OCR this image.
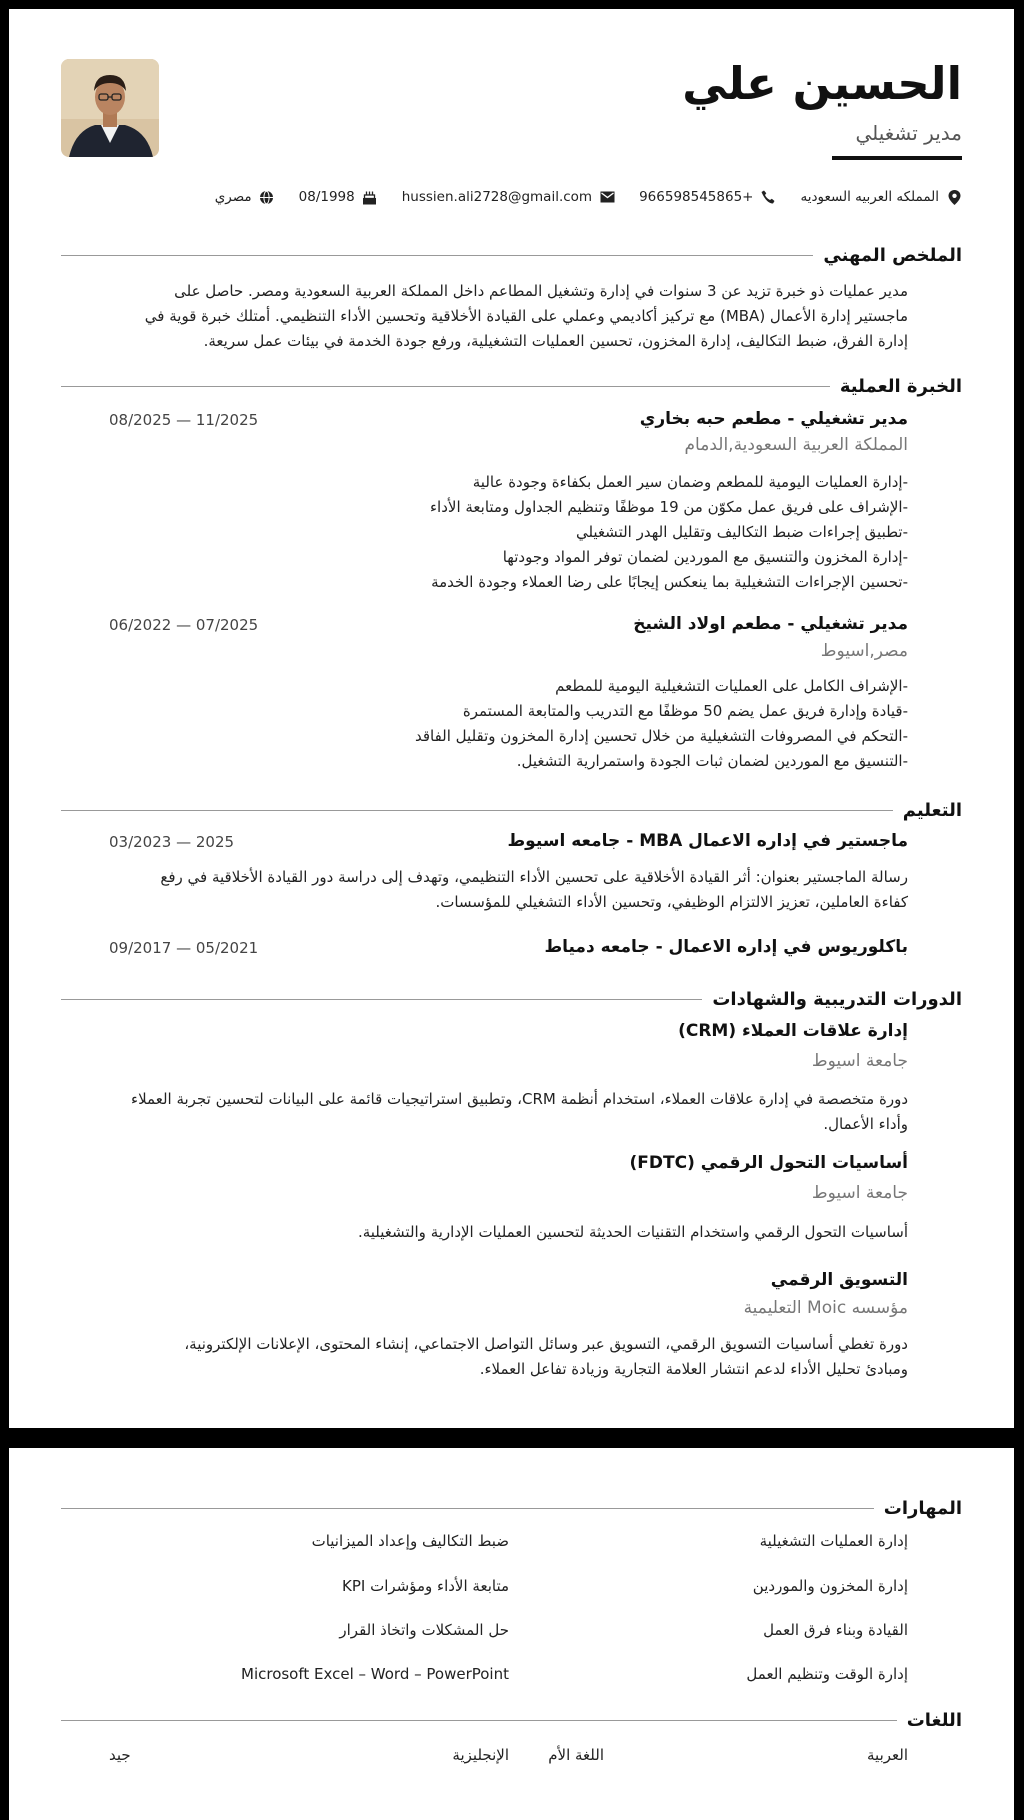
الحسين علي
مدير تشغيلي
المملكه العربيه السعوديه
966598545865+
hussien.ali2728@gmail.com
08/1998
مصري
الملخص المهني
مدير عمليات ذو خبرة تزيد عن 3 سنوات في إدارة وتشغيل المطاعم داخل المملكة العربية السعودية ومصر. حاصل على
ماجستير إدارة الأعمال (MBA) مع تركيز أكاديمي وعملي على القيادة الأخلاقية وتحسين الأداء التنظيمي. أمتلك خبرة قوية في
إدارة الفرق، ضبط التكاليف، إدارة المخزون، تحسين العمليات التشغيلية، ورفع جودة الخدمة في بيئات عمل سريعة.
الخبرة العملية
مدير تشغيلي - مطعم حبه بخاري
08/2025 — 11/2025
المملكة العربية السعودية,الدمام
-إدارة العمليات اليومية للمطعم وضمان سير العمل بكفاءة وجودة عالية
-الإشراف على فريق عمل مكوّن من 19 موظفًا وتنظيم الجداول ومتابعة الأداء
-تطبيق إجراءات ضبط التكاليف وتقليل الهدر التشغيلي
-إدارة المخزون والتنسيق مع الموردين لضمان توفر المواد وجودتها
-تحسين الإجراءات التشغيلية بما ينعكس إيجابًا على رضا العملاء وجودة الخدمة
مدير تشغيلي - مطعم اولاد الشيخ
06/2022 — 07/2025
مصر,اسيوط
-الإشراف الكامل على العمليات التشغيلية اليومية للمطعم
-قيادة وإدارة فريق عمل يضم 50 موظفًا مع التدريب والمتابعة المستمرة
-التحكم في المصروفات التشغيلية من خلال تحسين إدارة المخزون وتقليل الفاقد
-التنسيق مع الموردين لضمان ثبات الجودة واستمرارية التشغيل.
التعليم
ماجستير في إداره الاعمال MBA - جامعه اسيوط
03/2023 — 2025
رسالة الماجستير بعنوان: أثر القيادة الأخلاقية على تحسين الأداء التنظيمي، وتهدف إلى دراسة دور القيادة الأخلاقية في رفع
كفاءة العاملين، تعزيز الالتزام الوظيفي، وتحسين الأداء التشغيلي للمؤسسات.
باكلوريوس في إداره الاعمال - جامعه دمياط
09/2017 — 05/2021
الدورات التدريبية والشهادات
إدارة علاقات العملاء (CRM)
جامعة اسيوط
دورة متخصصة في إدارة علاقات العملاء، استخدام أنظمة CRM، وتطبيق استراتيجيات قائمة على البيانات لتحسين تجربة العملاء
وأداء الأعمال.
أساسيات التحول الرقمي (FDTC)
جامعة اسيوط
أساسيات التحول الرقمي واستخدام التقنيات الحديثة لتحسين العمليات الإدارية والتشغيلية.
التسويق الرقمي
مؤسسه Moic التعليمية
دورة تغطي أساسيات التسويق الرقمي، التسويق عبر وسائل التواصل الاجتماعي، إنشاء المحتوى، الإعلانات الإلكترونية،
ومبادئ تحليل الأداء لدعم انتشار العلامة التجارية وزيادة تفاعل العملاء.
المهارات
إدارة العمليات التشغيلية
إدارة المخزون والموردين
القيادة وبناء فرق العمل
إدارة الوقت وتنظيم العمل
ضبط التكاليف وإعداد الميزانيات
متابعة الأداء ومؤشرات KPI
حل المشكلات واتخاذ القرار
Microsoft Excel – Word – PowerPoint
اللغات
العربية
اللغة الأم
الإنجليزية
جيد
